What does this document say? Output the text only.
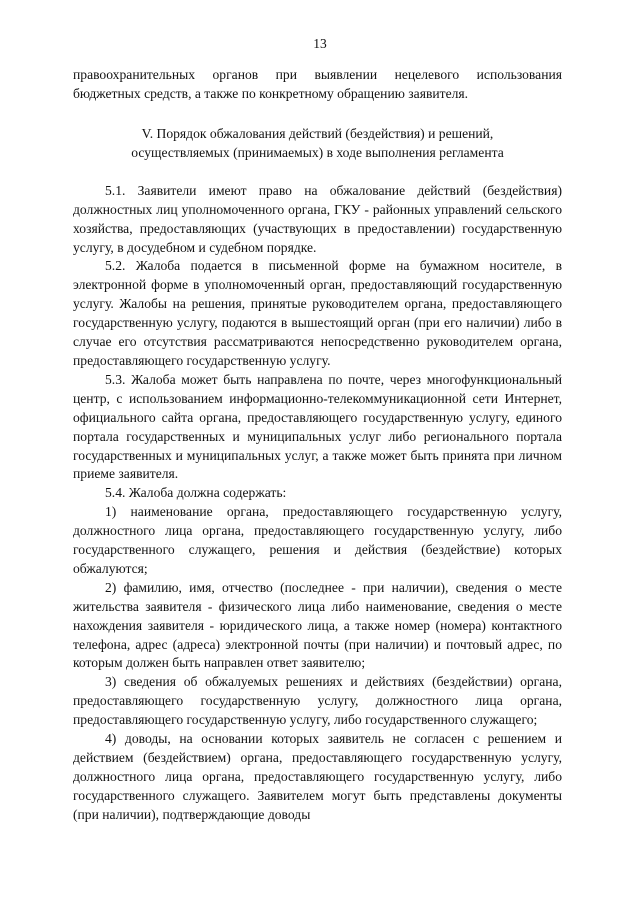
13

правоохранительных органов при выявлении нецелевого использования бюджетных средств, а также по конкретному обращению заявителя.

V. Порядок обжалования действий (бездействия) и решений,
осуществляемых (принимаемых) в ходе выполнения регламента

5.1. Заявители имеют право на обжалование действий (бездействия) должностных лиц уполномоченного органа, ГКУ - районных управлений сельского хозяйства, предоставляющих (участвующих в предоставлении) государственную услугу, в досудебном и судебном порядке.

5.2. Жалоба подается в письменной форме на бумажном носителе, в электронной форме в уполномоченный орган, предоставляющий государственную услугу. Жалобы на решения, принятые руководителем органа, предоставляющего государственную услугу, подаются в вышестоящий орган (при его наличии) либо в случае его отсутствия рассматриваются непосредственно руководителем органа, предоставляющего государственную услугу.

5.3. Жалоба может быть направлена по почте, через многофункциональный центр, с использованием информационно-телекоммуникационной сети Интернет, официального сайта органа, предоставляющего государственную услугу, единого портала государственных и муниципальных услуг либо регионального портала государственных и муниципальных услуг, а также может быть принята при личном приеме заявителя.

5.4. Жалоба должна содержать:

1) наименование органа, предоставляющего государственную услугу, должностного лица органа, предоставляющего государственную услугу, либо государственного служащего, решения и действия (бездействие) которых обжалуются;

2) фамилию, имя, отчество (последнее - при наличии), сведения о месте жительства заявителя - физического лица либо наименование, сведения о месте нахождения заявителя - юридического лица, а также номер (номера) контактного телефона, адрес (адреса) электронной почты (при наличии) и почтовый адрес, по которым должен быть направлен ответ заявителю;

3) сведения об обжалуемых решениях и действиях (бездействии) органа, предоставляющего государственную услугу, должностного лица органа, предоставляющего государственную услугу, либо государственного служащего;

4) доводы, на основании которых заявитель не согласен с решением и действием (бездействием) органа, предоставляющего государственную услугу, должностного лица органа, предоставляющего государственную услугу, либо государственного служащего. Заявителем могут быть представлены документы (при наличии), подтверждающие доводы
